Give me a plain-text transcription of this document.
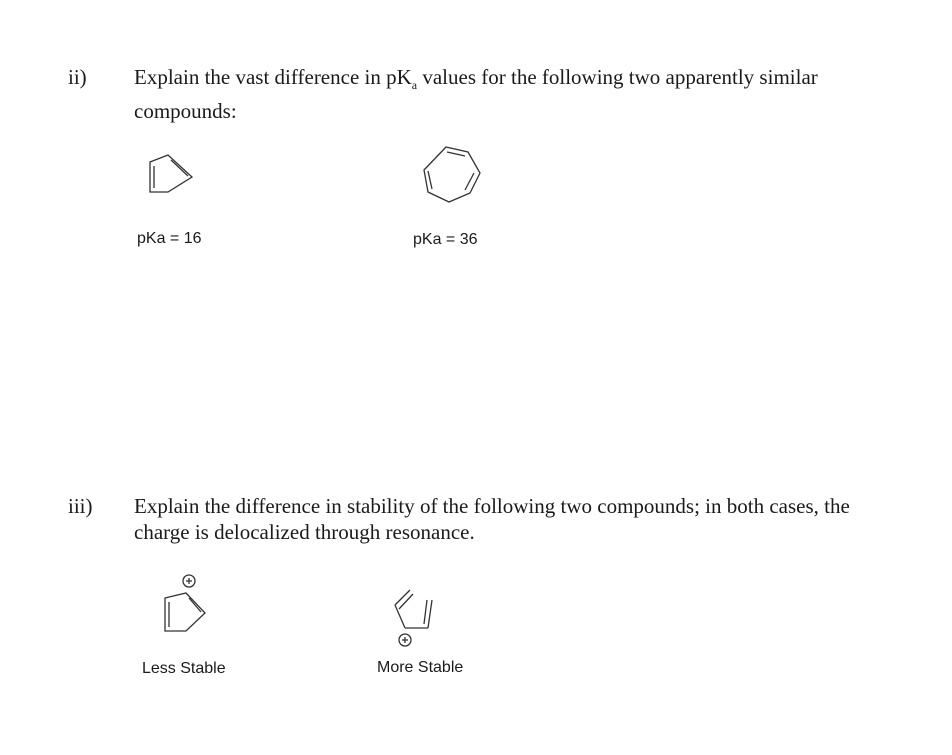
ii) Explain the vast difference in $pK_a$ values for the following two apparently similar compounds:
pKa = 16	pKa = 36
iii) Explain the difference in stability of the following two compounds; in both cases, the charge is delocalized through resonance.
Less Stable	More Stable
